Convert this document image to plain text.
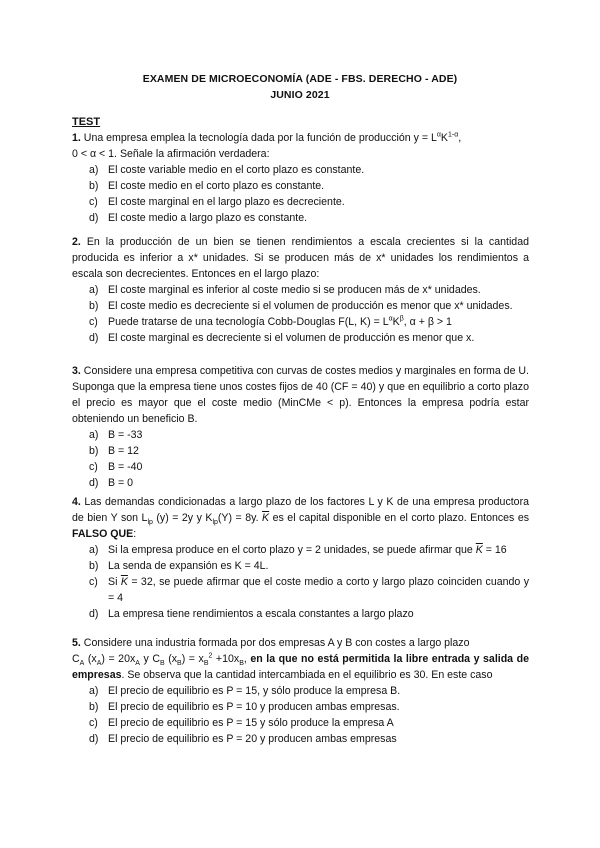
EXAMEN DE MICROECONOMÍA (ADE - FBS. DERECHO - ADE)
JUNIO 2021
TEST

1. Una empresa emplea la tecnología dada por la función de producción $y = L^\alpha K^{1-\alpha}$,
0 < α < 1. Señale la afirmación verdadera:

a) El coste variable medio en el corto plazo es constante.
b) El coste medio en el corto plazo es constante.
c) El coste marginal en el largo plazo es decreciente.
d) El coste medio a largo plazo es constante.

2. En la producción de un bien se tienen rendimientos a escala crecientes si la cantidad producida es inferior a x* unidades. Si se producen más de x* unidades los rendimientos a escala son decrecientes. Entonces en el largo plazo:

a) El coste marginal es inferior al coste medio si se producen más de x* unidades.
b) El coste medio es decreciente si el volumen de producción es menor que x* unidades.
c) Puede tratarse de una tecnología Cobb-Douglas F(L, $K) = L^\alpha K^\beta$, α + β > 1
d) El coste marginal es decreciente si el volumen de producción es menor que x.

3. Considere una empresa competitiva con curvas de costes medios y marginales en forma de U. Suponga que la empresa tiene unos costes fijos de 40 (CF = 40) y que en equilibrio a corto plazo el precio es mayor que el coste medio (MinCMe < p). Entonces la empresa podría estar obteniendo un beneficio B.

a) B = -33
b) B = 12
c) B = -40
d) B = 0

4. Las demandas condicionadas a largo plazo de los factores L y K de una empresa productora de bien Y son $L_{lp}$ (y) = 2y y $K_{lp}(Y) = 8y$. $\overline{K}$ es el capital disponible en el corto plazo. Entonces es FALSO QUE:

a) Si la empresa produce en el corto plazo y = 2 unidades, se puede afirmar que $\overline{K} = 16$
b) La senda de expansión es K = 4L.
c) Si $\overline{K} = 32$, se puede afirmar que el coste medio a corto y largo plazo coinciden cuando y = 4
d) La empresa tiene rendimientos a escala constantes a largo plazo

5. Considere una industria formada por dos empresas A y B con costes a largo plazo
$C_A$ $(x_A) = 20x_A$ y $C_B$ $(x_B) = x_B^2 +10x_B$, en la que no está permitida la libre entrada y salida de empresas. Se observa que la cantidad intercambiada en el equilibrio es 30. En este caso

a) El precio de equilibrio es P = 15, y sólo produce la empresa B.
b) El precio de equilibrio es P = 10 y producen ambas empresas.
c) El precio de equilibrio es P = 15 y sólo produce la empresa A
d) El precio de equilibrio es P = 20 y producen ambas empresas
